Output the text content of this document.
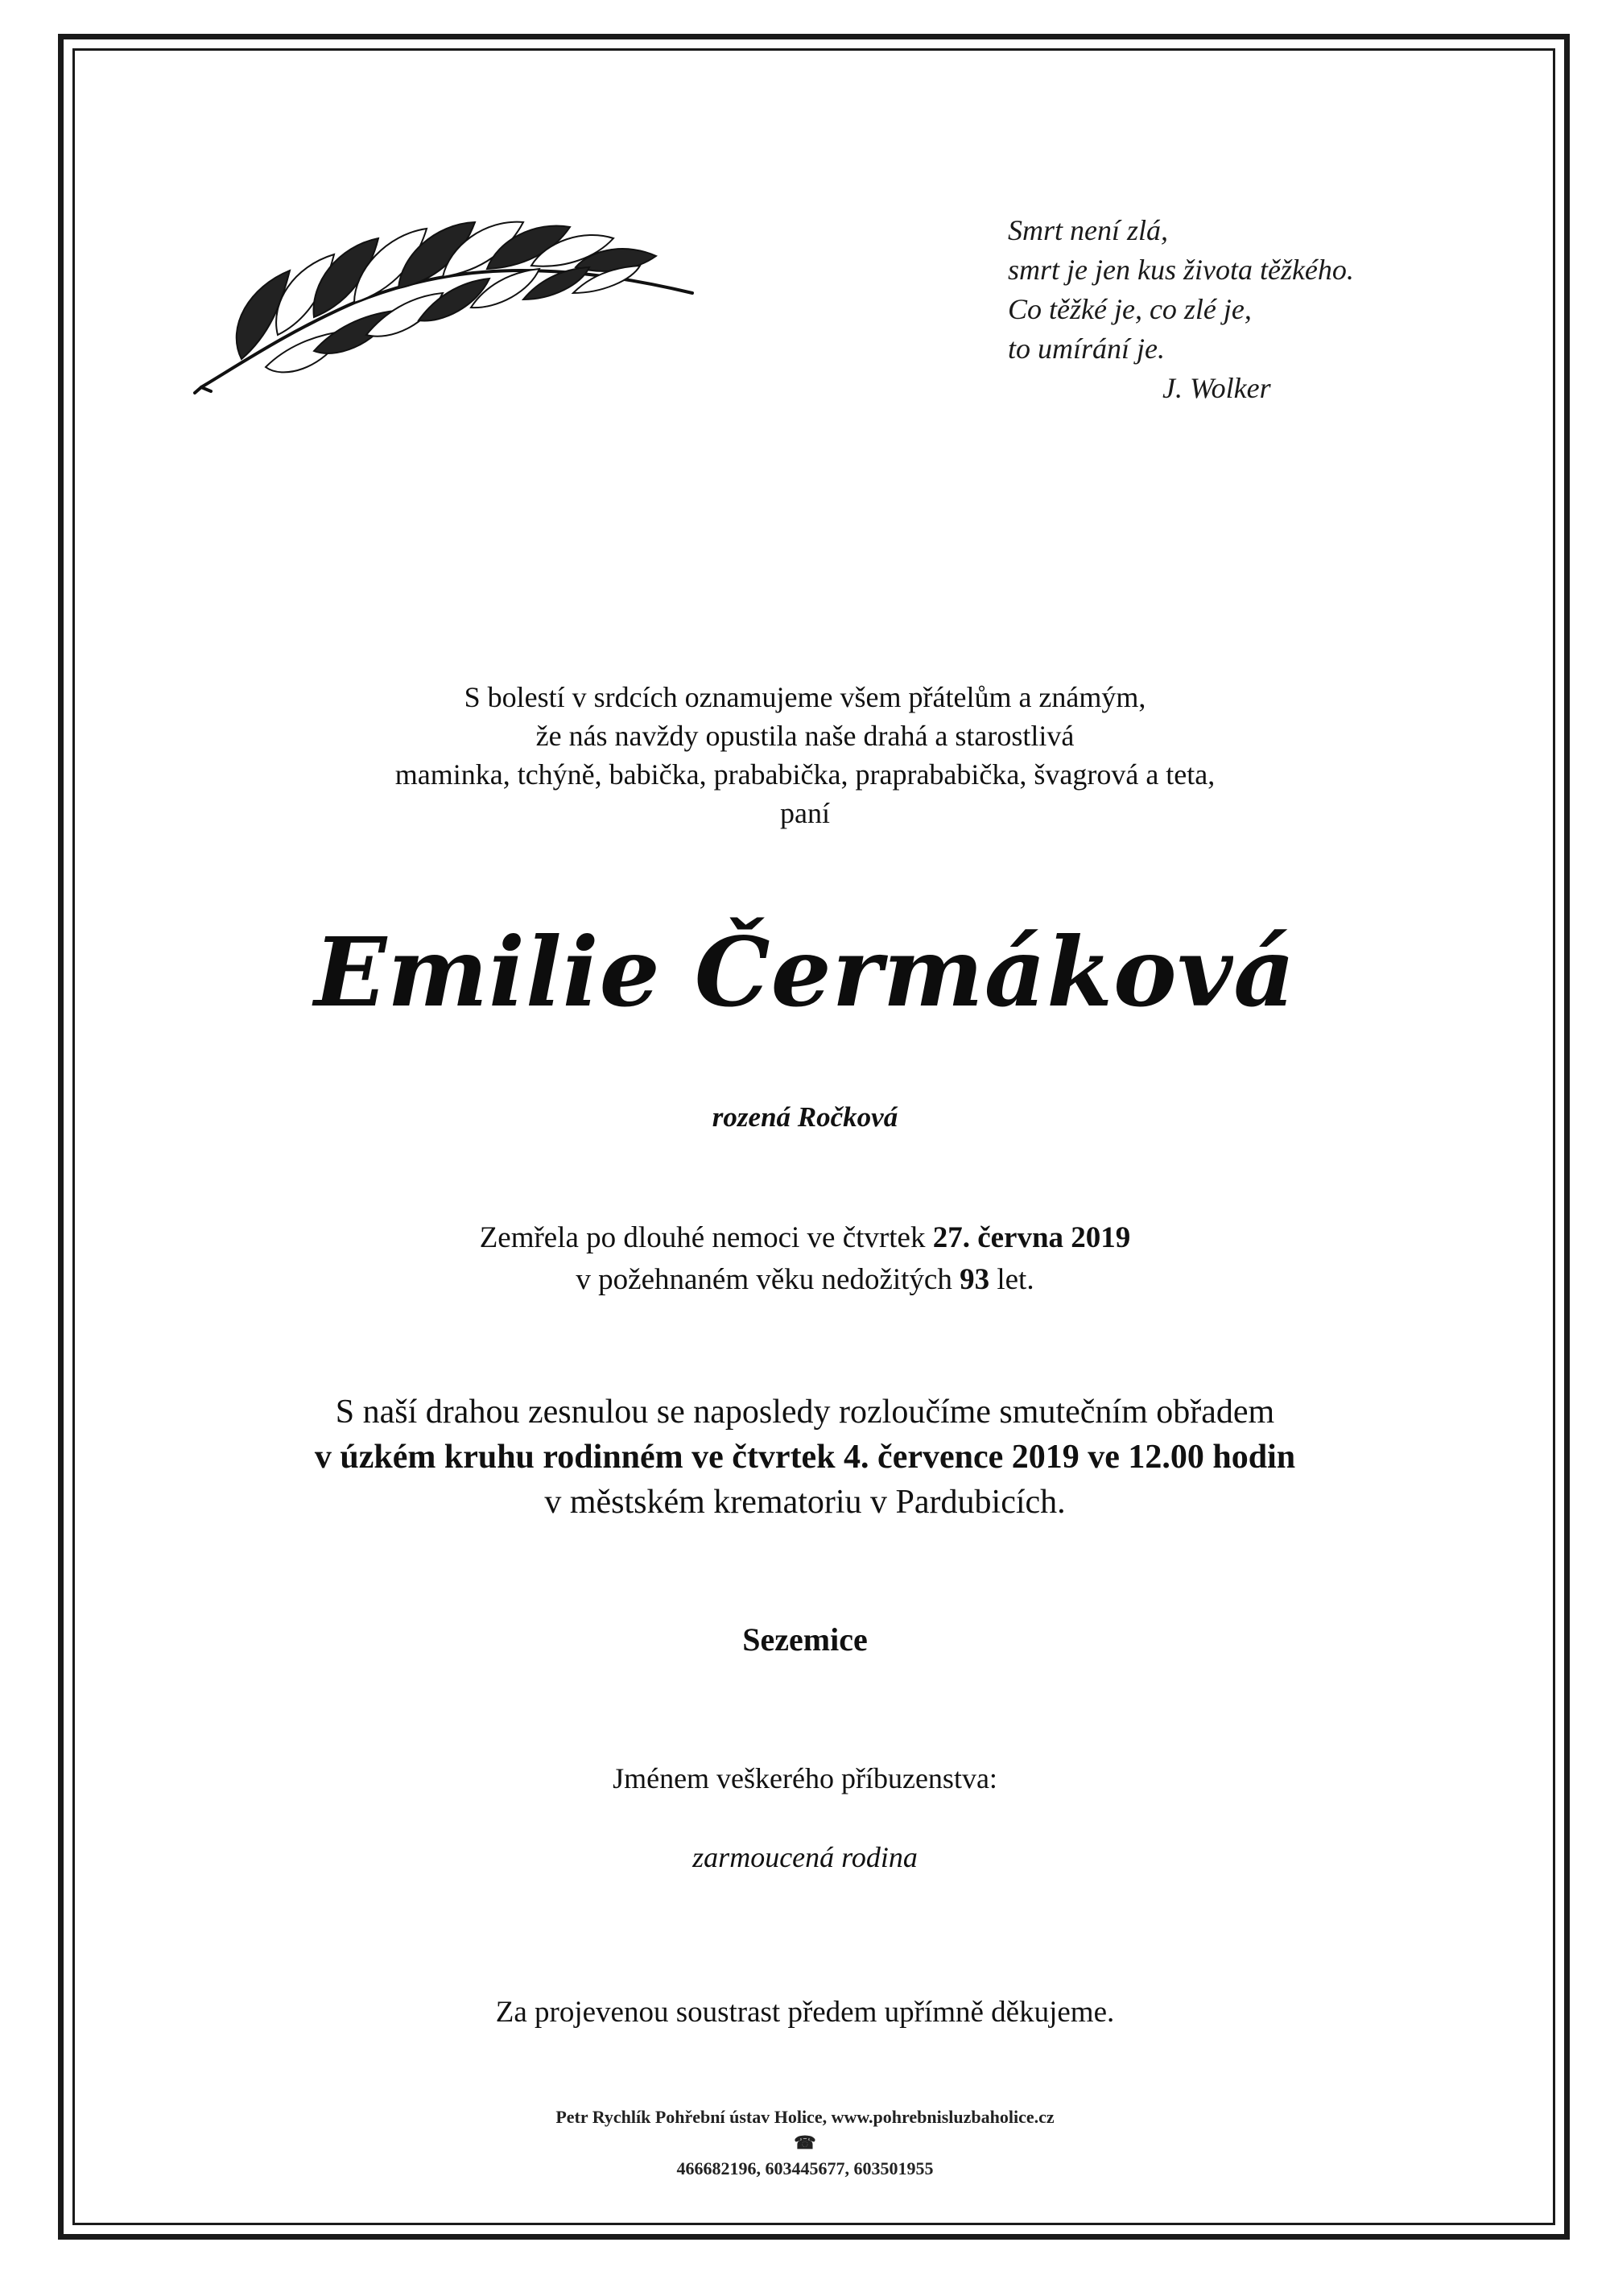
Smrt není zlá,
smrt je jen kus života těžkého.
Co těžké je, co zlé je,
to umírání je.
J. Wolker
S bolestí v srdcích oznamujeme všem přátelům a známým,
že nás navždy opustila naše drahá a starostlivá
maminka, tchýně, babička, prababička, praprababička, švagrová a teta,
paní
Emilie Čermáková
rozená Ročková
Zemřela po dlouhé nemoci ve čtvrtek 27. června 2019
v požehnaném věku nedožitých 93 let.
S naší drahou zesnulou se naposledy rozloučíme smutečním obřadem
v úzkém kruhu rodinném ve čtvrtek 4. července 2019 ve 12.00 hodin
v městském krematoriu v Pardubicích.
Sezemice
Jménem veškerého příbuzenstva:
zarmoucená rodina
Za projevenou soustrast předem upřímně děkujeme.
Petr Rychlík Pohřební ústav Holice, www.pohrebnisluzbaholice.cz
☎
466682196, 603445677, 603501955
